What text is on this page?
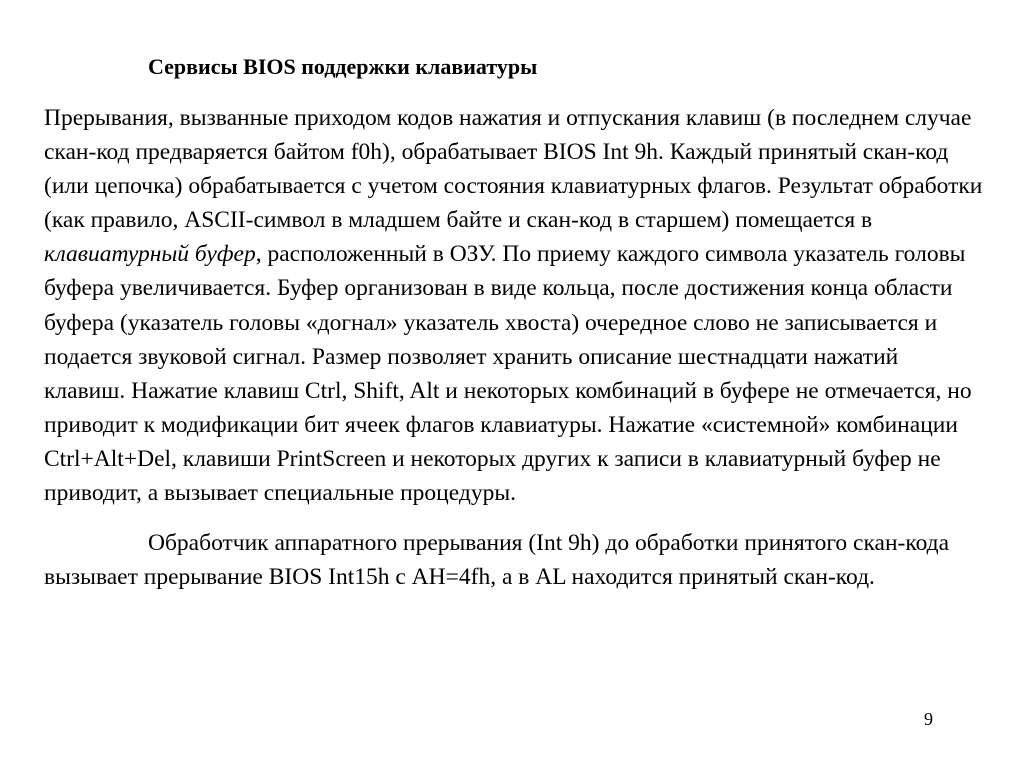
Сервисы BIOS поддержки клавиатуры

Прерывания, вызванные приходом кодов нажатия и отпускания клавиш (в последнем случае скан-код предваряется байтом f0h), обрабатывает BIOS Int 9h. Каждый принятый скан-код (или цепочка) обрабатывается с учетом состояния клавиатурных флагов. Результат обработки (как правило, ASCII-символ в младшем байте и скан-код в старшем) помещается в клавиатурный буфер, расположенный в ОЗУ. По приему каждого символа указатель головы буфера увеличивается. Буфер организован в виде кольца, после достижения конца области буфера (указатель головы «догнал» указатель хвоста) очередное слово не записывается и подается звуковой сигнал. Размер позволяет хранить описание шестнадцати нажатий клавиш. Нажатие клавиш Ctrl, Shift, Alt и некоторых комбинаций в буфере не отмечается, но приводит к модификации бит ячеек флагов клавиатуры. Нажатие «системной» комбинации Ctrl+Alt+Del, клавиши PrintScreen и некоторых других к записи в клавиатурный буфер не приводит, а вызывает специальные процедуры.

Обработчик аппаратного прерывания (Int 9h) до обработки принятого скан-кода вызывает прерывание BIOS Int15h с AH=4fh, а в AL находится принятый скан-код.

9
